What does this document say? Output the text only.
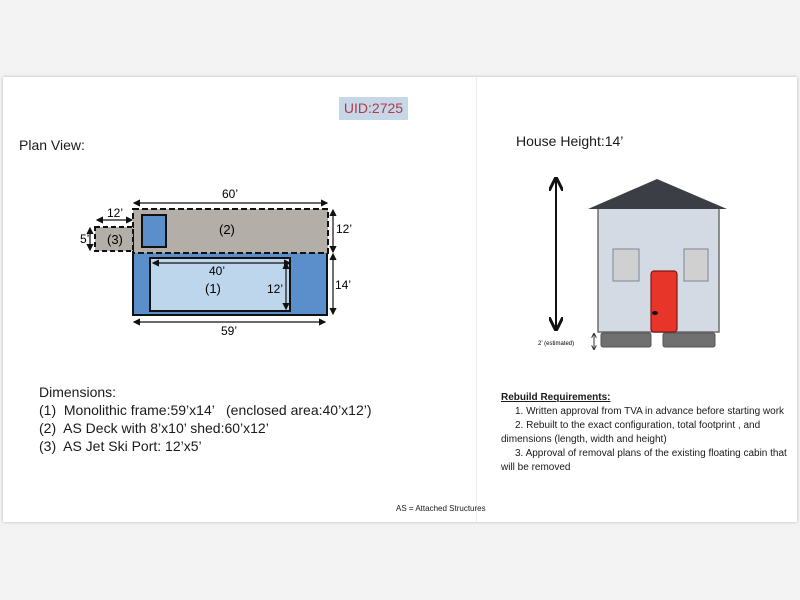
UID:2725
Plan View:
60’
12’
5’ (3)
(2)	12’
40’
(1)	12’	14’
59’
Dimensions:
(1)  Monolithic frame:59’x14’   (enclosed area:40’x12’)
(2)  AS Deck with 8’x10’ shed:60’x12’
(3)  AS Jet Ski Port: 12’x5’
House Height:14’
2’ (estimated)
Rebuild Requirements:
1. Written approval from TVA in advance before starting work
2. Rebuilt to the exact configuration, total footprint , and dimensions (length, width and height)
3. Approval of removal plans of the existing floating cabin that will be removed
AS = Attached Structures
